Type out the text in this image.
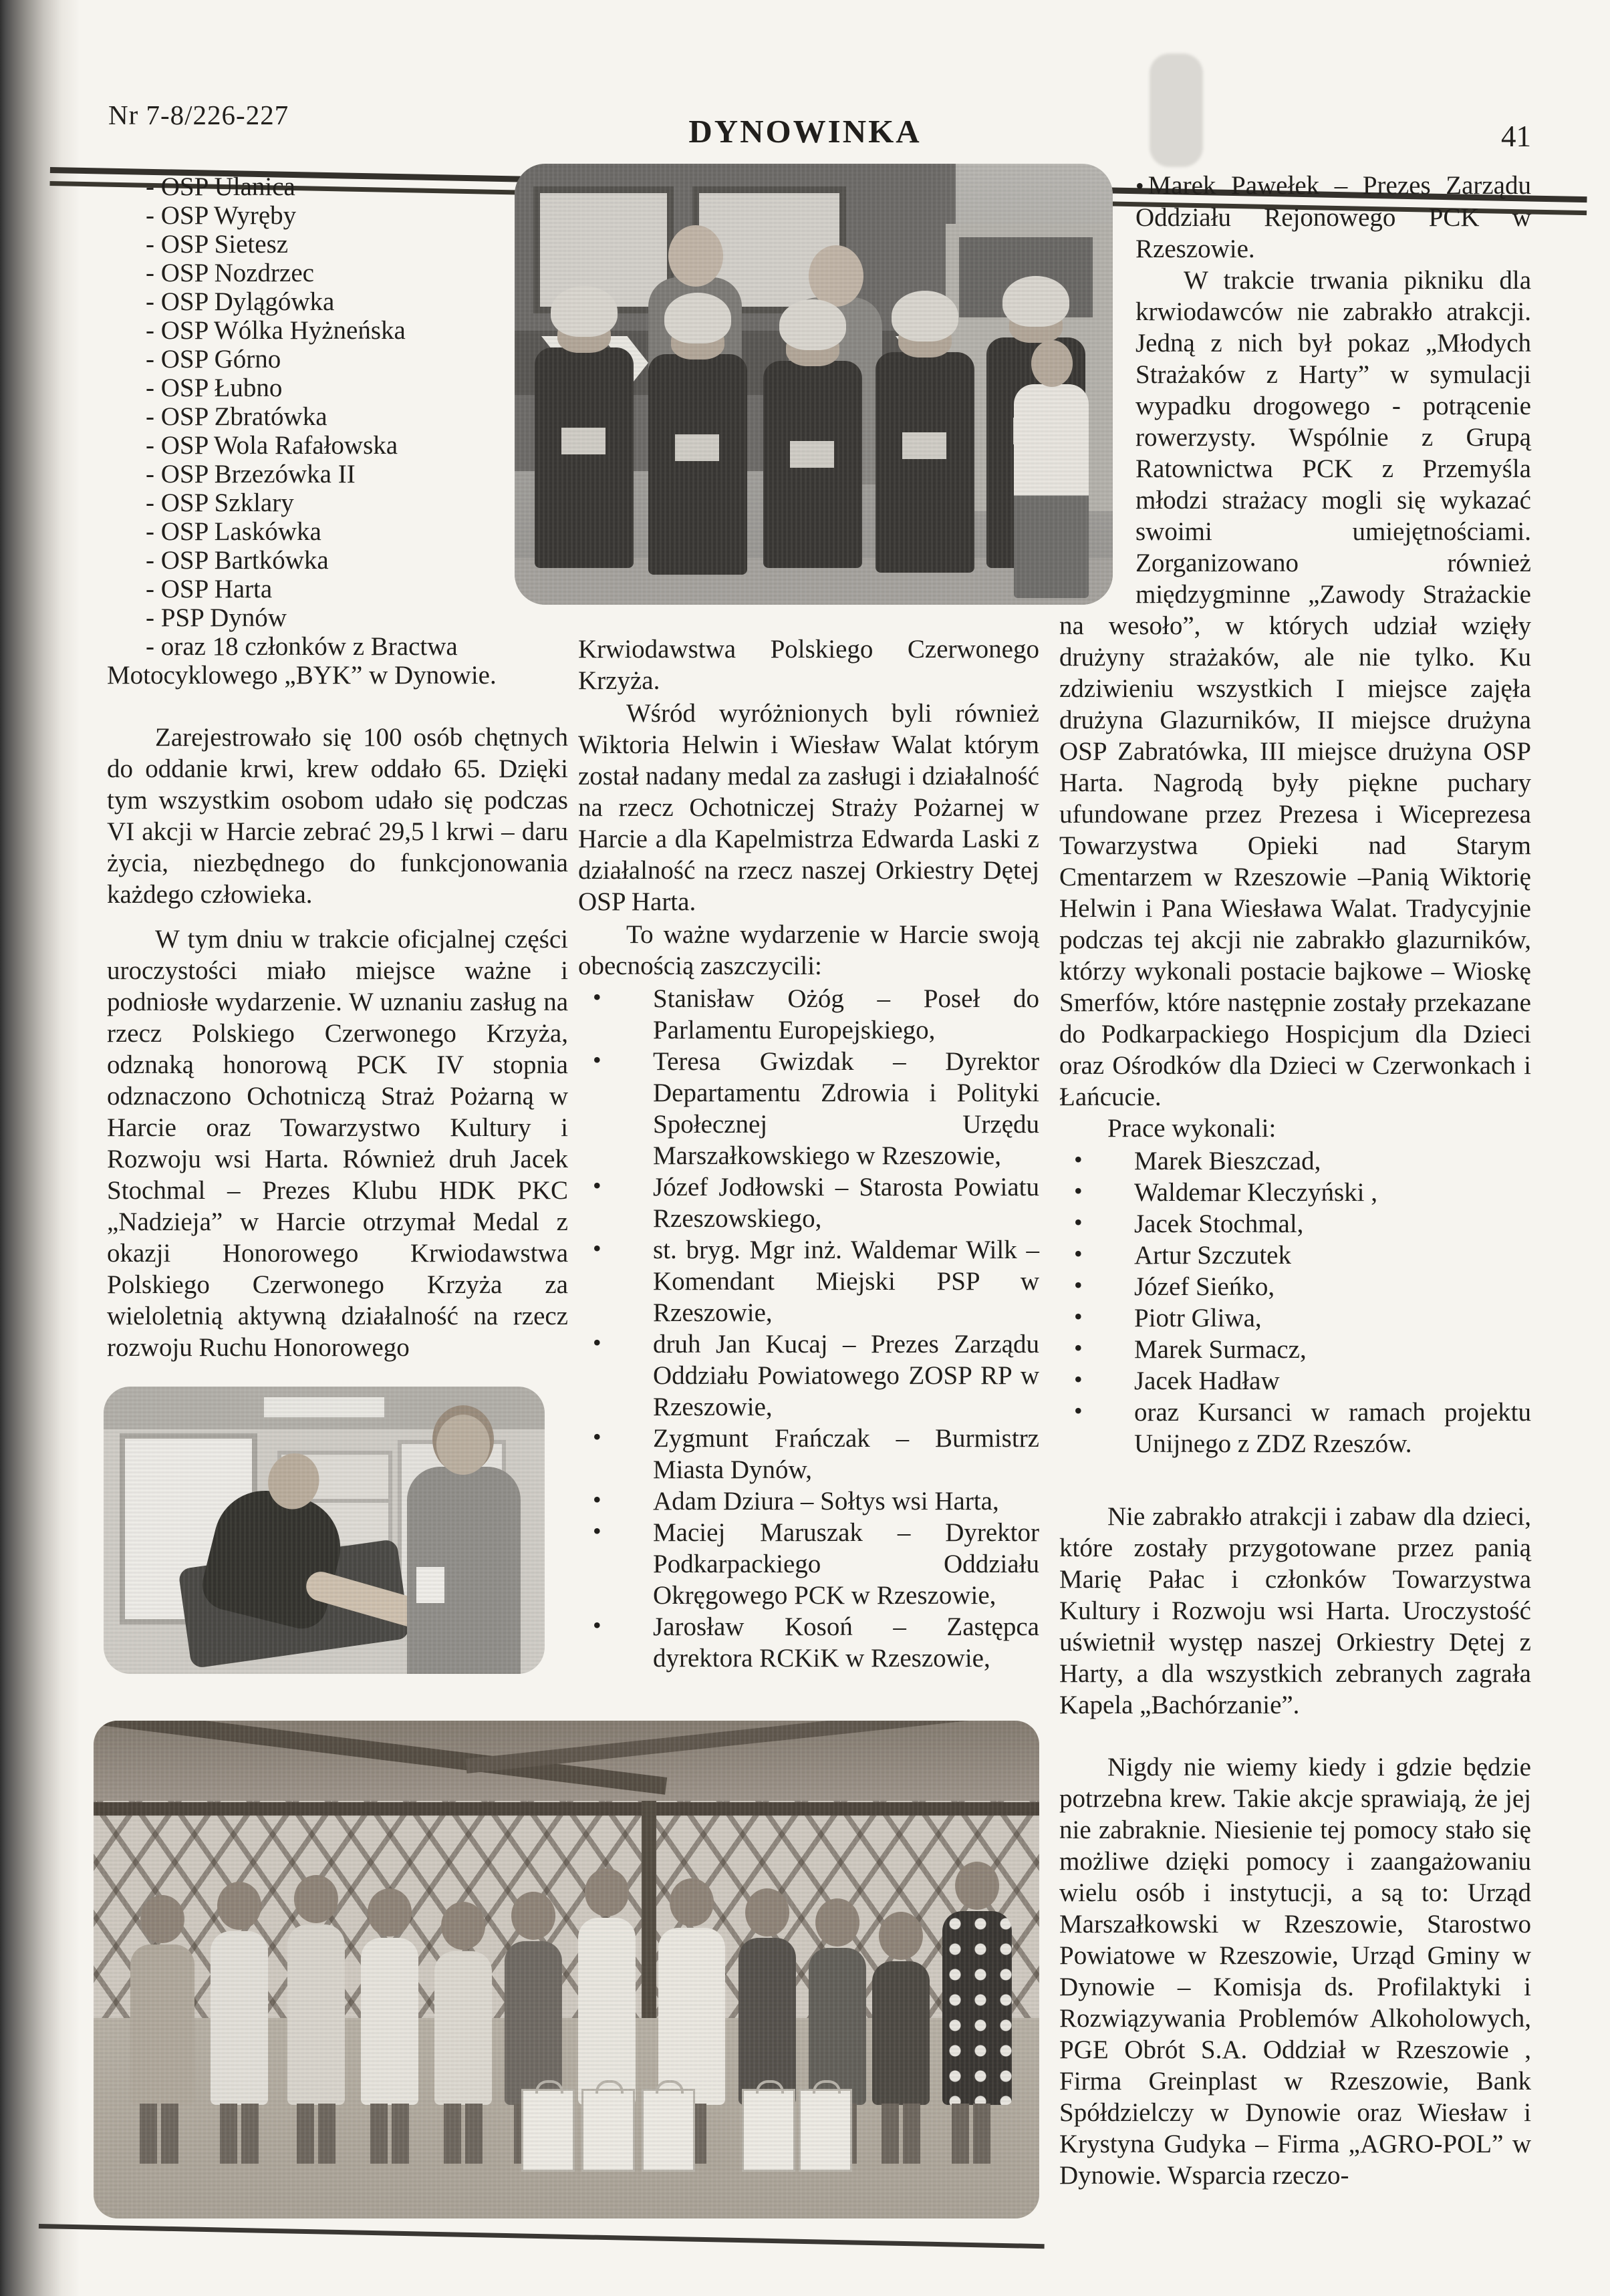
Nr 7-8/226-227	DYNOWINKA	41
- OSP Ulanica
- OSP Wyręby
- OSP Sietesz
- OSP Nozdrzec
- OSP Dylągówka
- OSP Wólka Hyżneńska
- OSP Górno
- OSP Łubno
- OSP Zbratówka
- OSP Wola Rafałowska
- OSP Brzezówka II
- OSP Szklary
- OSP Laskówka
- OSP Bartkówka
- OSP Harta
- PSP Dynów
- oraz 18 członków z Bractwa
Motocyklowego „BYK” w Dynowie.

Zarejestrowało się 100 osób chętnych do oddanie krwi, krew oddało 65. Dzięki tym wszystkim osobom udało się podczas VI akcji w Harcie zebrać 29,5 l krwi – daru życia, niezbędnego do funkcjonowania każdego człowieka.

W tym dniu w trakcie oficjalnej części uroczystości miało miejsce ważne i podniosłe wydarzenie. W uznaniu zasług na rzecz Polskiego Czerwonego Krzyża, odznaką honorową PCK IV stopnia odznaczono Ochotniczą Straż Pożarną w Harcie oraz Towarzystwo Kultury i Rozwoju wsi Harta. Również druh Jacek Stochmal – Prezes Klubu HDK PKC „Nadzieja” w Harcie otrzymał Medal z okazji Honorowego Krwiodawstwa Polskiego Czerwonego Krzyża za wieloletnią aktywną działalność na rzecz rozwoju Ruchu Honorowego

Krwiodawstwa Polskiego Czerwonego Krzyża.

Wśród wyróżnionych byli również Wiktoria Helwin i Wiesław Walat którym został nadany medal za zasługi i działalność na rzecz Ochotniczej Straży Pożarnej w Harcie a dla Kapelmistrza Edwarda Laski z działalność na rzecz naszej Orkiestry Dętej OSP Harta.

To ważne wydarzenie w Harcie swoją obecnością zaszczycili:

• Stanisław Ożóg – Poseł do Parlamentu Europejskiego,
• Teresa Gwizdak – Dyrektor Departamentu Zdrowia i Polityki Społecznej Urzędu Marszałkowskiego w Rzeszowie,
• Józef Jodłowski – Starosta Powiatu Rzeszowskiego,
• st. bryg. Mgr inż. Waldemar Wilk – Komendant Miejski PSP w Rzeszowie,
• druh Jan Kucaj – Prezes Zarządu Oddziału Powiatowego ZOSP RP w Rzeszowie,
• Zygmunt Frańczak – Burmistrz Miasta Dynów,
• Adam Dziura – Sołtys wsi Harta,
• Maciej Maruszak – Dyrektor Podkarpackiego Oddziału Okręgowego PCK w Rzeszowie,
• Jarosław Kosoń – Zastępca dyrektora RCKiK w Rzeszowie,

• Marek Pawełek – Prezes Zarządu Oddziału Rejonowego PCK w Rzeszowie.

W trakcie trwania pikniku dla krwiodawców nie zabrakło atrakcji. Jedną z nich był pokaz „Młodych Strażaków z Harty” w symulacji wypadku drogowego - potrącenie rowerzysty. Wspólnie z Grupą Ratownictwa PCK z Przemyśla młodzi strażacy mogli się wykazać swoimi umiejętnościami. Zorganizowano również międzygminne „Zawody Strażackie na wesoło”, w których udział wzięły drużyny strażaków, ale nie tylko. Ku zdziwieniu wszystkich I miejsce zajęła drużyna Glazurników, II miejsce drużyna OSP Zabratówka, III miejsce drużyna OSP Harta. Nagrodą były piękne puchary ufundowane przez Prezesa i Wiceprezesa Towarzystwa Opieki nad Starym Cmentarzem w Rzeszowie –Panią Wiktorię Helwin i Pana Wiesława Walat. Tradycyjnie podczas tej akcji nie zabrakło glazurników, którzy wykonali postacie bajkowe – Wioskę Smerfów, które następnie zostały przekazane do Podkarpackiego Hospicjum dla Dzieci oraz Ośrodków dla Dzieci w Czerwonkach i Łańcucie.

Prace wykonali:

• Marek Bieszczad,
• Waldemar Kleczyński ,
• Jacek Stochmal,
• Artur Szczutek
• Józef Sieńko,
• Piotr Gliwa,
• Marek Surmacz,
• Jacek Hadław
• oraz Kursanci w ramach projektu Unijnego z ZDZ Rzeszów.

Nie zabrakło atrakcji i zabaw dla dzieci, które zostały przygotowane przez panią Marię Pałac i członków Towarzystwa Kultury i Rozwoju wsi Harta. Uroczystość uświetnił występ naszej Orkiestry Dętej z Harty, a dla wszystkich zebranych zagrała Kapela „Bachórzanie”.

Nigdy nie wiemy kiedy i gdzie będzie potrzebna krew. Takie akcje sprawiają, że jej nie zabraknie. Niesienie tej pomocy stało się możliwe dzięki pomocy i zaangażowaniu wielu osób i instytucji, a są to: Urząd Marszałkowski w Rzeszowie, Starostwo Powiatowe w Rzeszowie, Urząd Gminy w Dynowie – Komisja ds. Profilaktyki i Rozwiązywania Problemów Alkoholowych, PGE Obrót S.A. Oddział w Rzeszowie , Firma Greinplast w Rzeszowie, Bank Spółdzielczy w Dynowie oraz Wiesław i Krystyna Gudyka – Firma „AGRO-POL” w Dynowie. Wsparcia rzeczo-
